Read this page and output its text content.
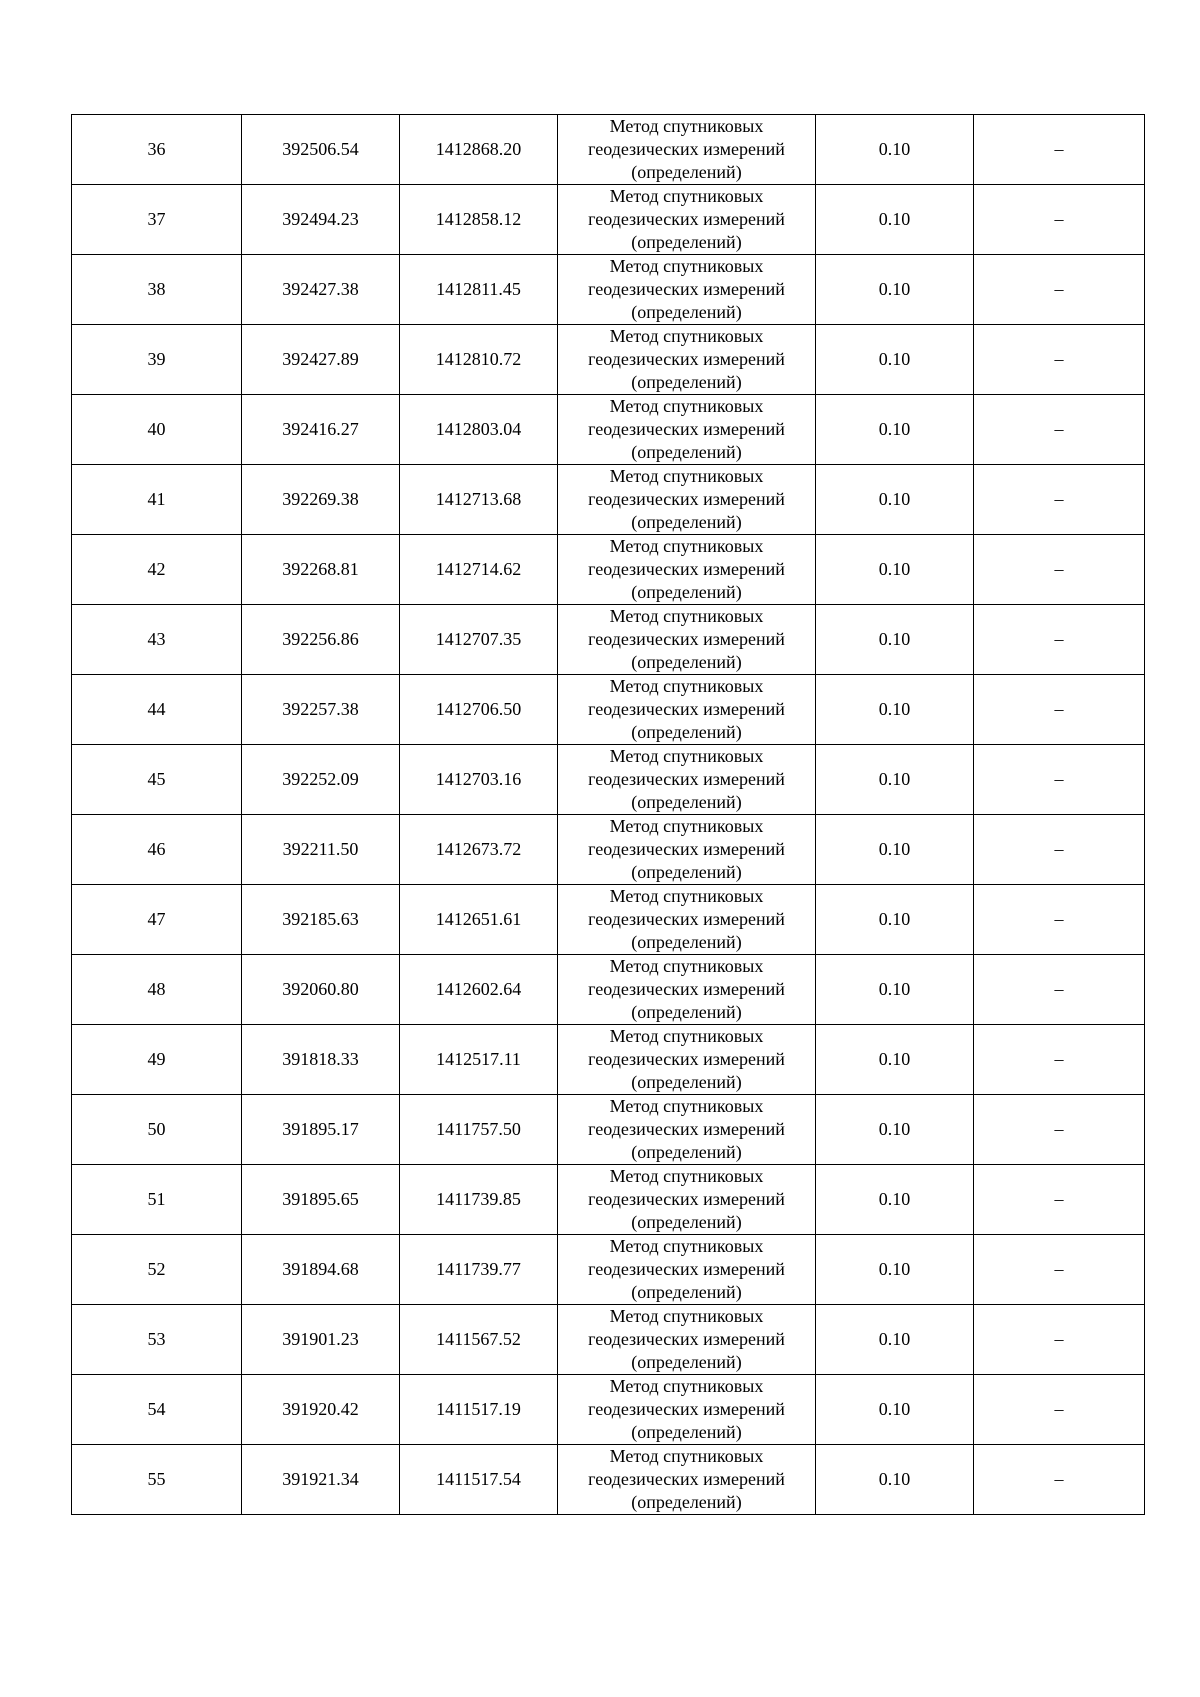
36	392506.54	1412868.20	Метод спутниковых
геодезических измерений
(определений)	0.10	–
37	392494.23	1412858.12	Метод спутниковых
геодезических измерений
(определений)	0.10	–
38	392427.38	1412811.45	Метод спутниковых
геодезических измерений
(определений)	0.10	–
39	392427.89	1412810.72	Метод спутниковых
геодезических измерений
(определений)	0.10	–
40	392416.27	1412803.04	Метод спутниковых
геодезических измерений
(определений)	0.10	–
41	392269.38	1412713.68	Метод спутниковых
геодезических измерений
(определений)	0.10	–
42	392268.81	1412714.62	Метод спутниковых
геодезических измерений
(определений)	0.10	–
43	392256.86	1412707.35	Метод спутниковых
геодезических измерений
(определений)	0.10	–
44	392257.38	1412706.50	Метод спутниковых
геодезических измерений
(определений)	0.10	–
45	392252.09	1412703.16	Метод спутниковых
геодезических измерений
(определений)	0.10	–
46	392211.50	1412673.72	Метод спутниковых
геодезических измерений
(определений)	0.10	–
47	392185.63	1412651.61	Метод спутниковых
геодезических измерений
(определений)	0.10	–
48	392060.80	1412602.64	Метод спутниковых
геодезических измерений
(определений)	0.10	–
49	391818.33	1412517.11	Метод спутниковых
геодезических измерений
(определений)	0.10	–
50	391895.17	1411757.50	Метод спутниковых
геодезических измерений
(определений)	0.10	–
51	391895.65	1411739.85	Метод спутниковых
геодезических измерений
(определений)	0.10	–
52	391894.68	1411739.77	Метод спутниковых
геодезических измерений
(определений)	0.10	–
53	391901.23	1411567.52	Метод спутниковых
геодезических измерений
(определений)	0.10	–
54	391920.42	1411517.19	Метод спутниковых
геодезических измерений
(определений)	0.10	–
55	391921.34	1411517.54	Метод спутниковых
геодезических измерений
(определений)	0.10	–
